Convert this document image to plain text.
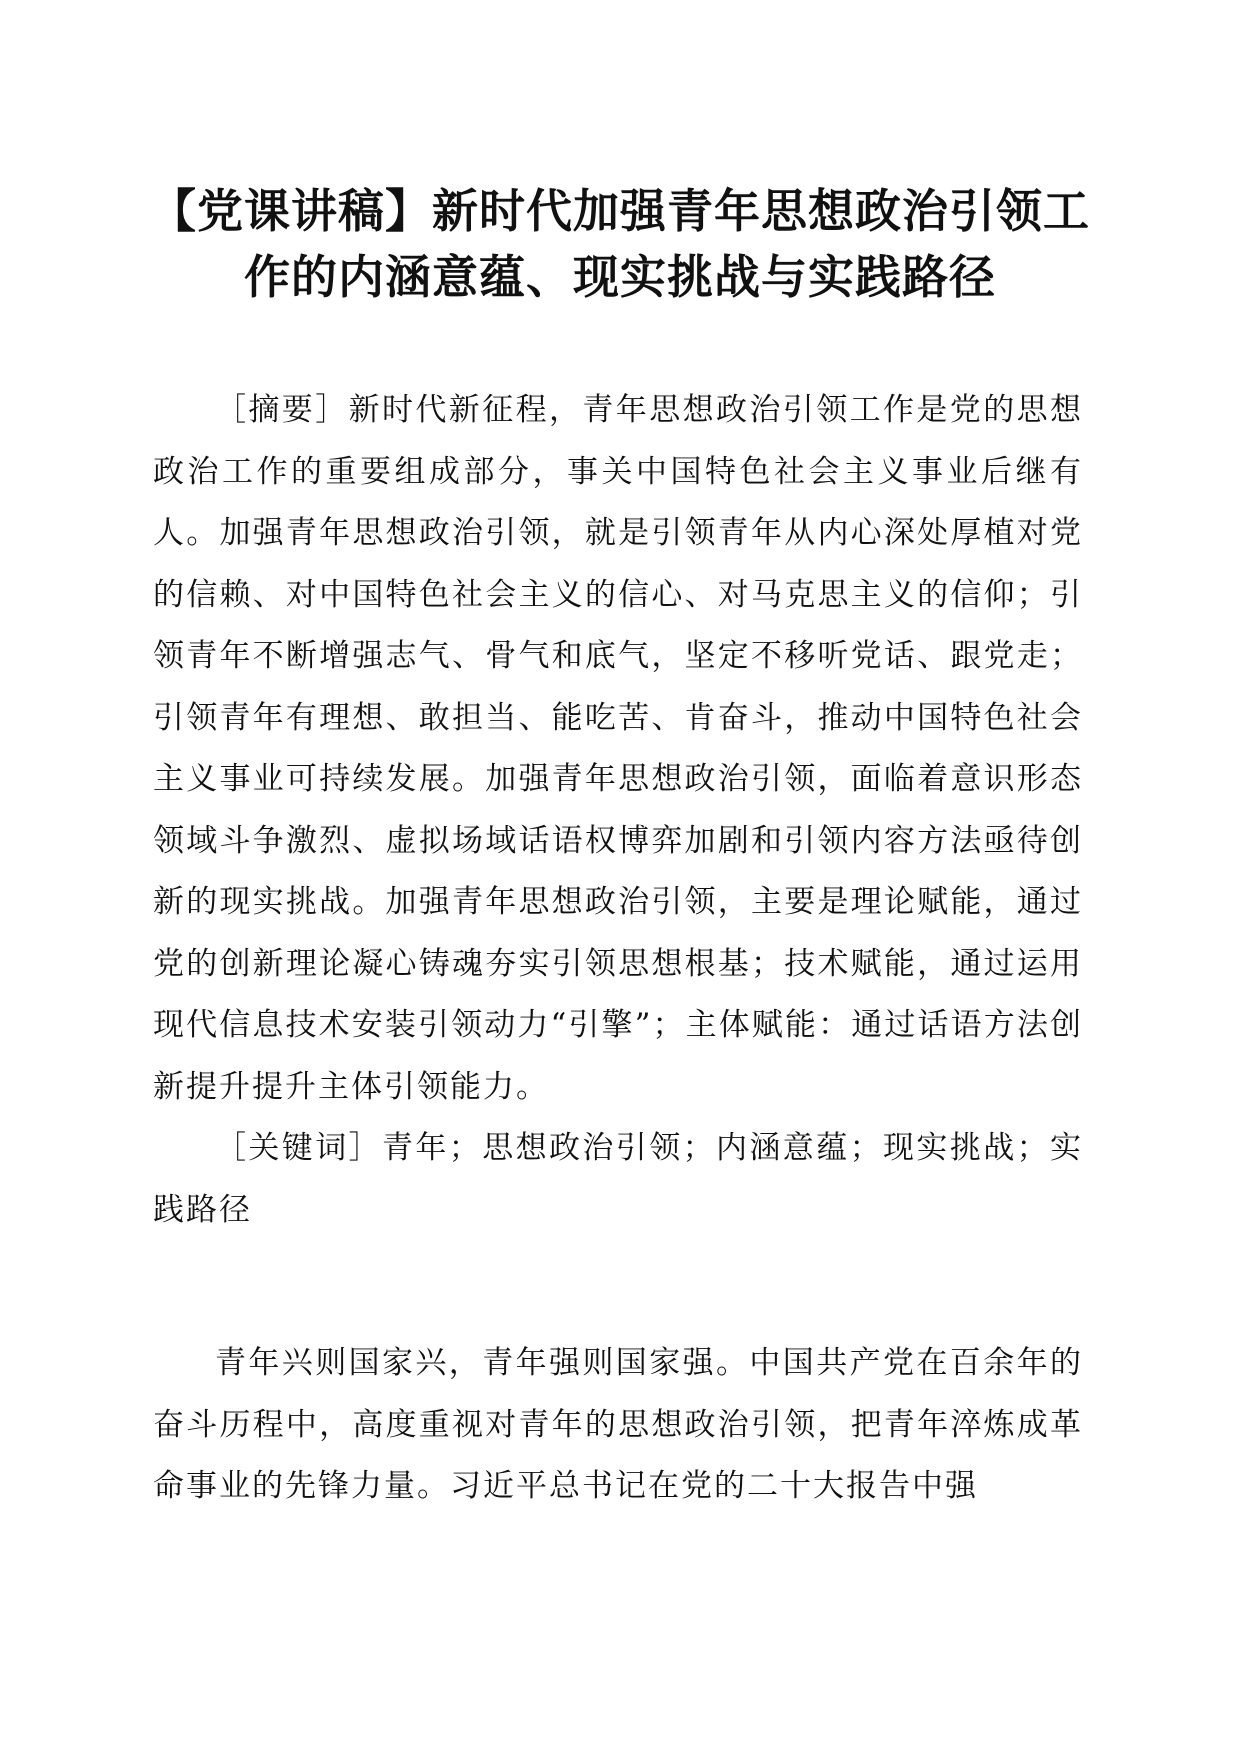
【党课讲稿】新时代加强青年思想政治引领工
作的内涵意蕴、现实挑战与实践路径

［摘要］新时代新征程，青年思想政治引领工作是党的思想政治工作的重要组成部分，事关中国特色社会主义事业后继有人。加强青年思想政治引领，就是引领青年从内心深处厚植对党的信赖、对中国特色社会主义的信心、对马克思主义的信仰；引领青年不断增强志气、骨气和底气，坚定不移听党话、跟党走；引领青年有理想、敢担当、能吃苦、肯奋斗，推动中国特色社会主义事业可持续发展。加强青年思想政治引领，面临着意识形态领域斗争激烈、虚拟场域话语权博弈加剧和引领内容方法亟待创新的现实挑战。加强青年思想政治引领，主要是理论赋能，通过党的创新理论凝心铸魂夯实引领思想根基；技术赋能，通过运用现代信息技术安装引领动力“引擎”；主体赋能：通过话语方法创新提升提升主体引领能力。

［关键词］青年；思想政治引领；内涵意蕴；现实挑战；实践路径

青年兴则国家兴，青年强则国家强。中国共产党在百余年的奋斗历程中，高度重视对青年的思想政治引领，把青年淬炼成革命事业的先锋力量。习近平总书记在党的二十大报告中强
